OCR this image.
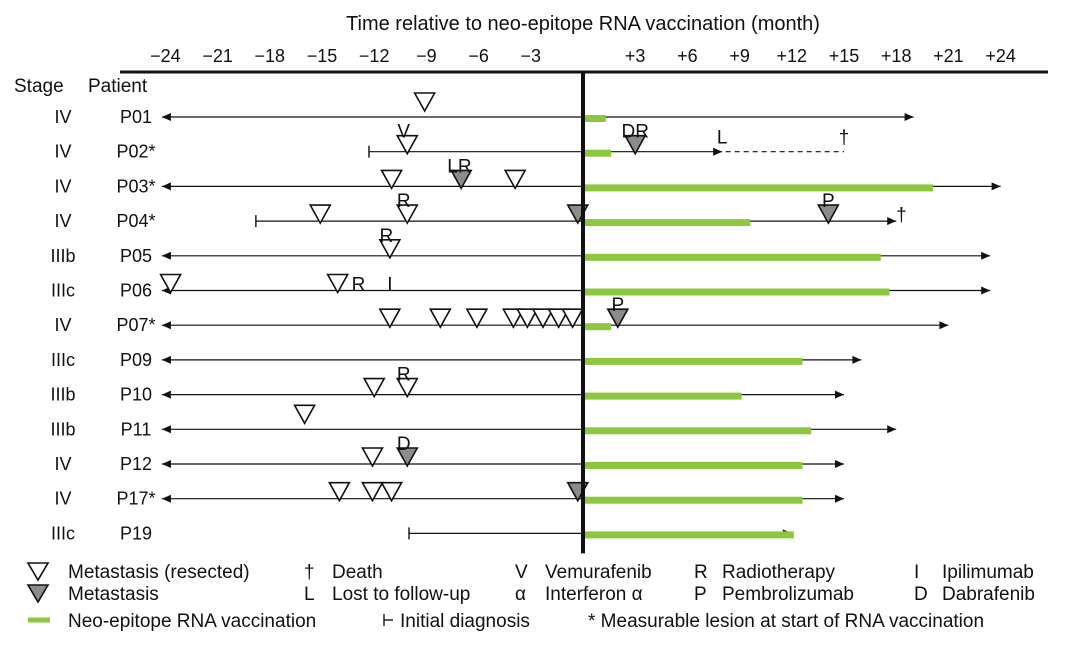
Time relative to neo-epitope RNA vaccination (month)
−24 −21 −18 −15 −12 −9 −6 −3	+3 +6 +9 +12 +15 +18 +21 +24
Stage Patient
IV	P01
IV P02*
V	DR	L	†
IV P03*
LR
IV P04*
R	P
†
IIIb P05
R
IIIc P06	R I
IV P07*
P
IIIc P09
IIIb P10
R
IIIb	P11
IV	P12
D
IV P17*
IIIc P19
Metastasis (resected)
Metastasis
Neo-epitope RNA vaccination
† Death
L Lost to follow-up
Initial diagnosis
V Vemurafenib
α Interferon α
* Measurable lesion at start of RNA vaccination
R Radiotherapy
P Pembrolizumab
I Ipilimumab
D Dabrafenib
